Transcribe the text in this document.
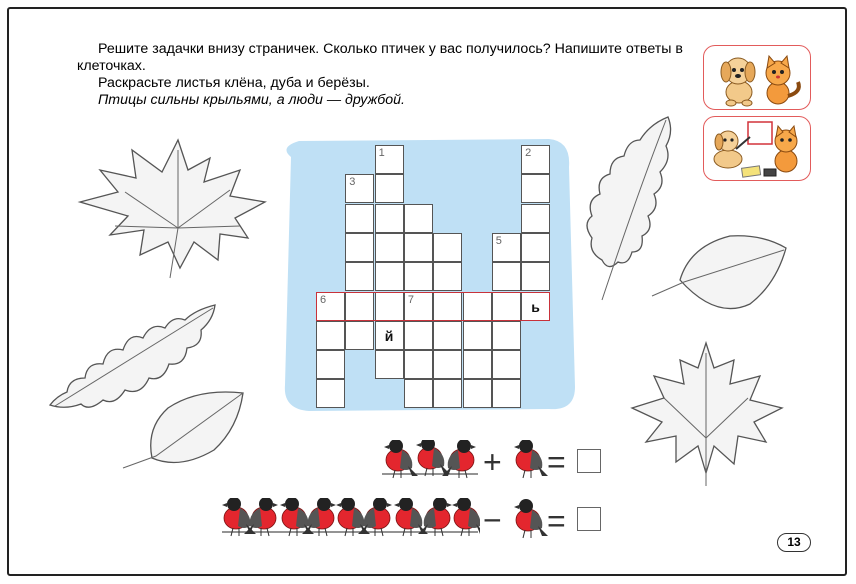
Решите задачки внизу страничек. Сколько птичек у вас получилось? Напишите ответы в клеточках.

Раскрасьте листья клёна, дуба и берёзы.

Птицы сильны крыльями, а люди — дружбой.

6
3
1
й
7
5
2
ь
+ =
− =
13
